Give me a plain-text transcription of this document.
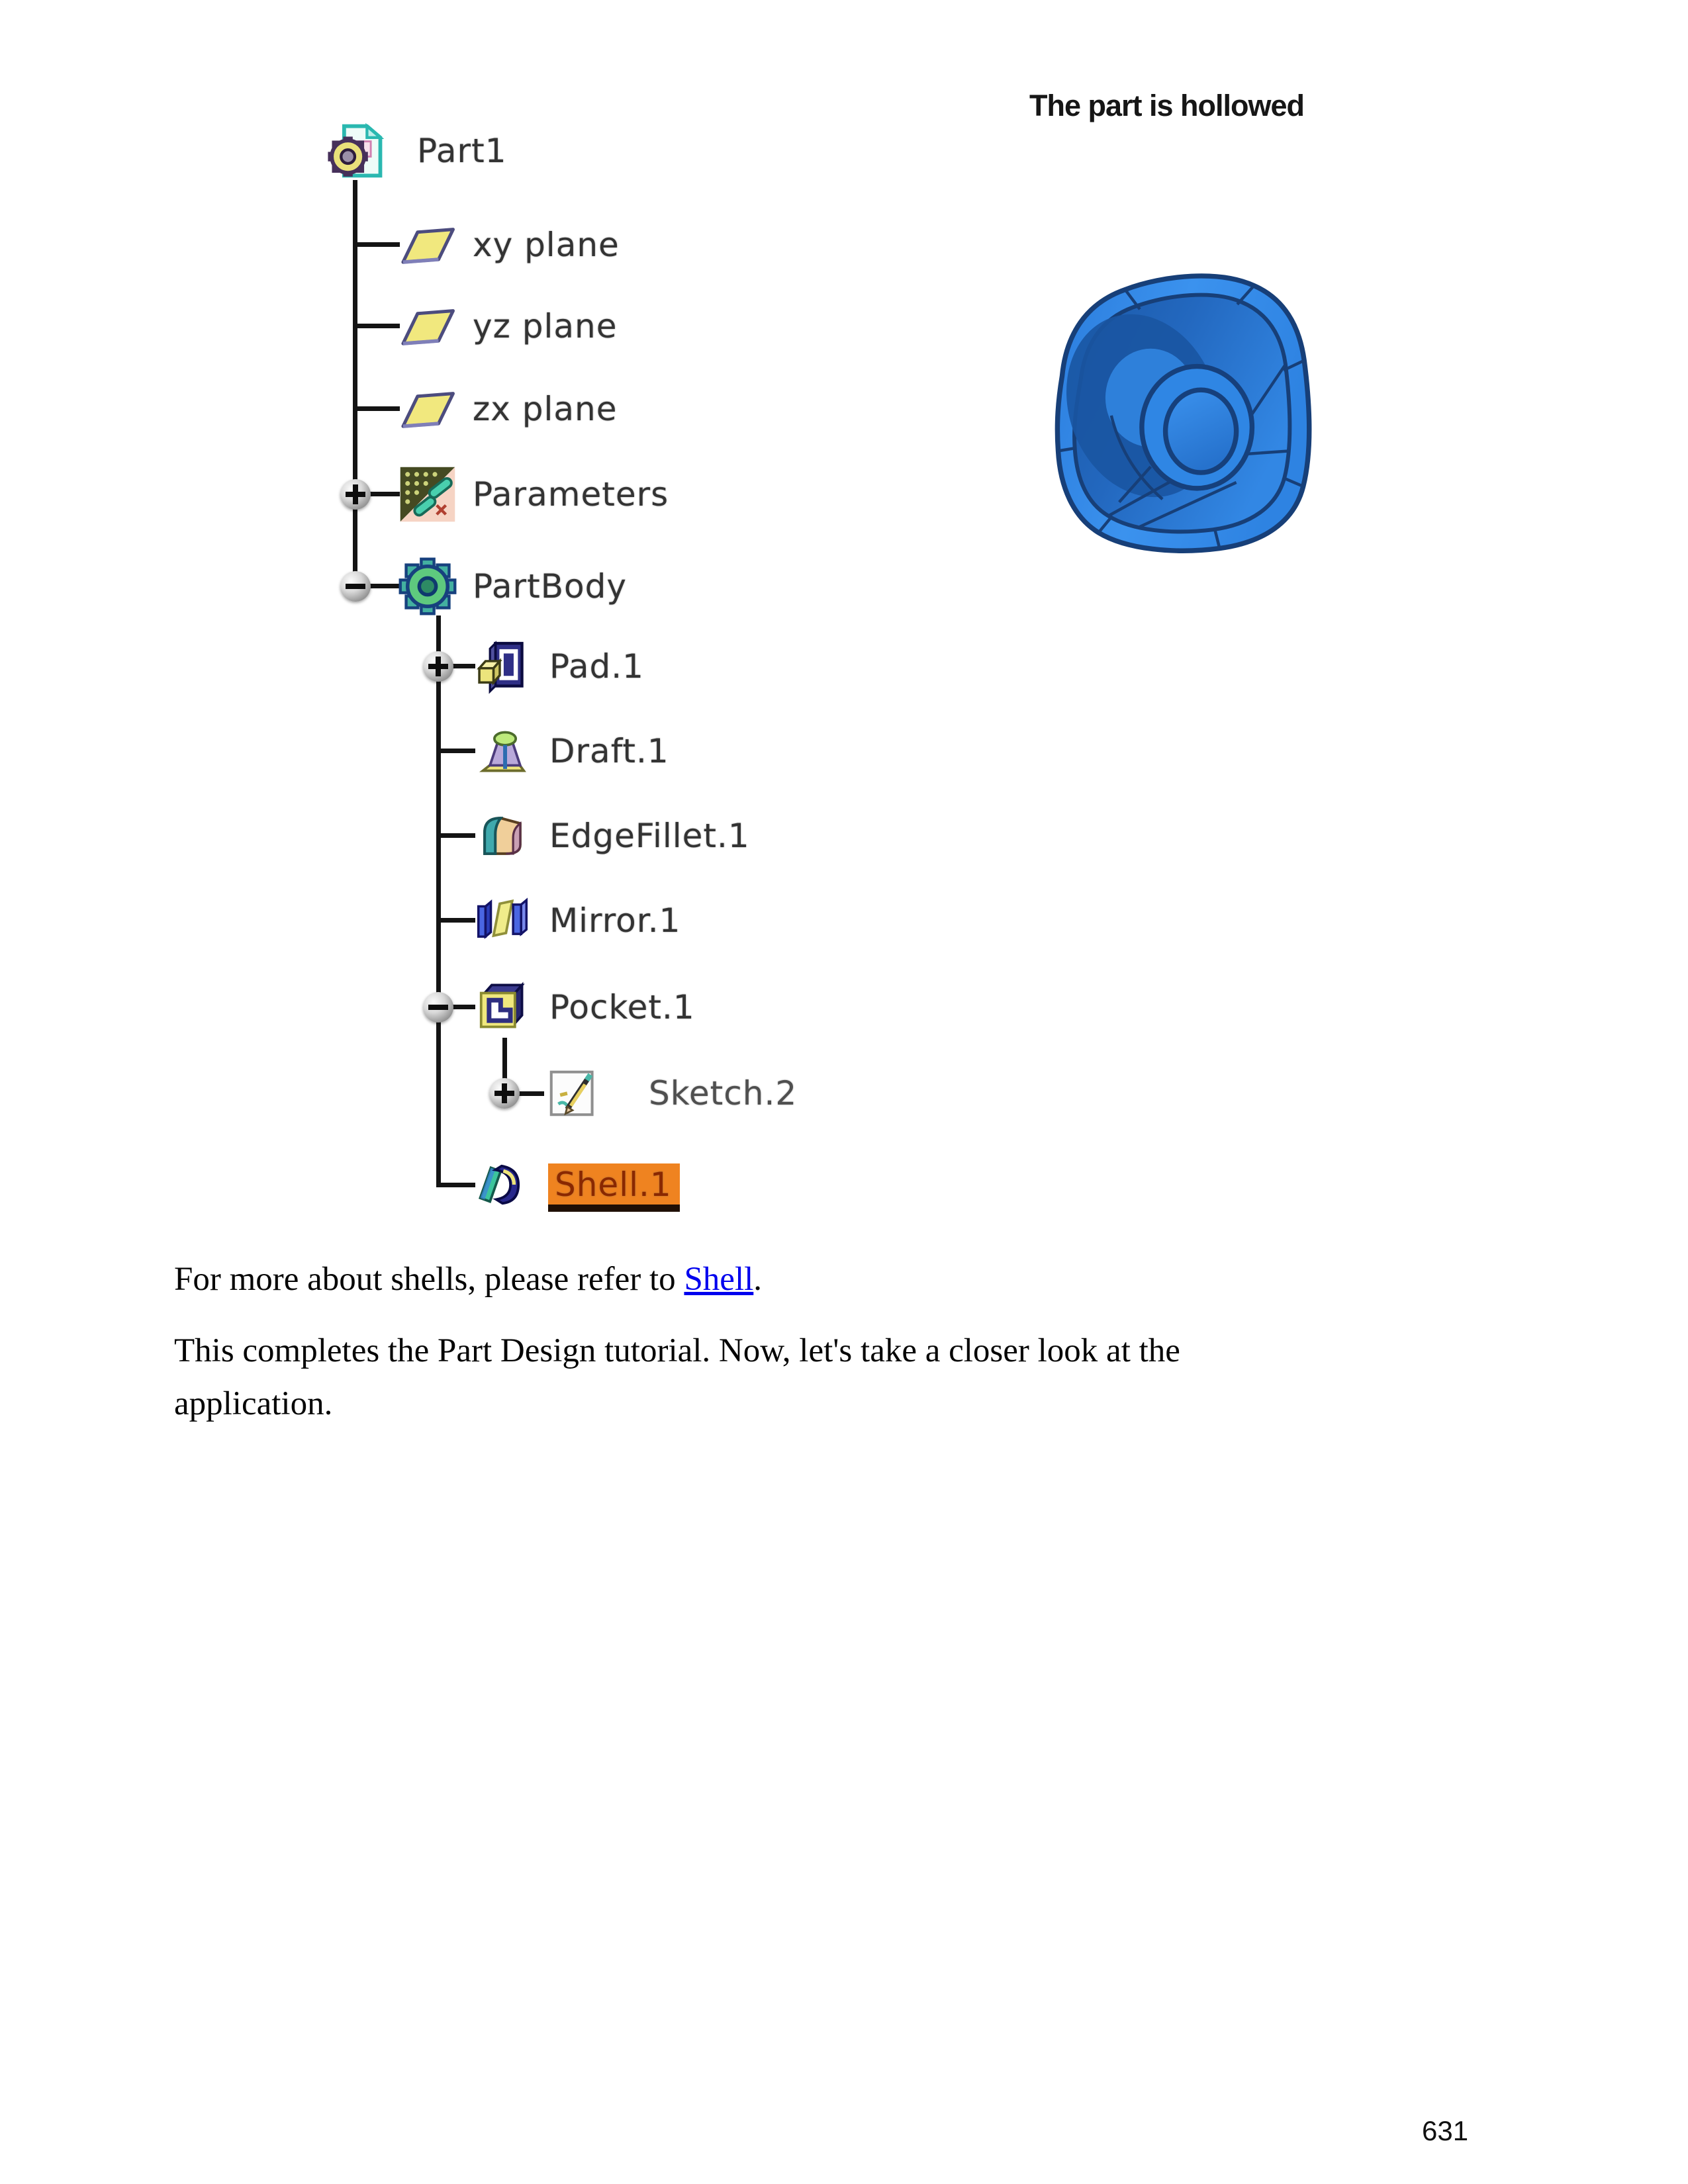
Part1
xy plane
yz plane
zx plane
Parameters
PartBody
Pad.1
Draft.1
EdgeFillet.1
Mirror.1
Pocket.1
Sketch.2
Shell.1
The part is hollowed
For more about shells, please refer to Shell.
This completes the Part Design tutorial. Now, let's take a closer look at the
application.
631
